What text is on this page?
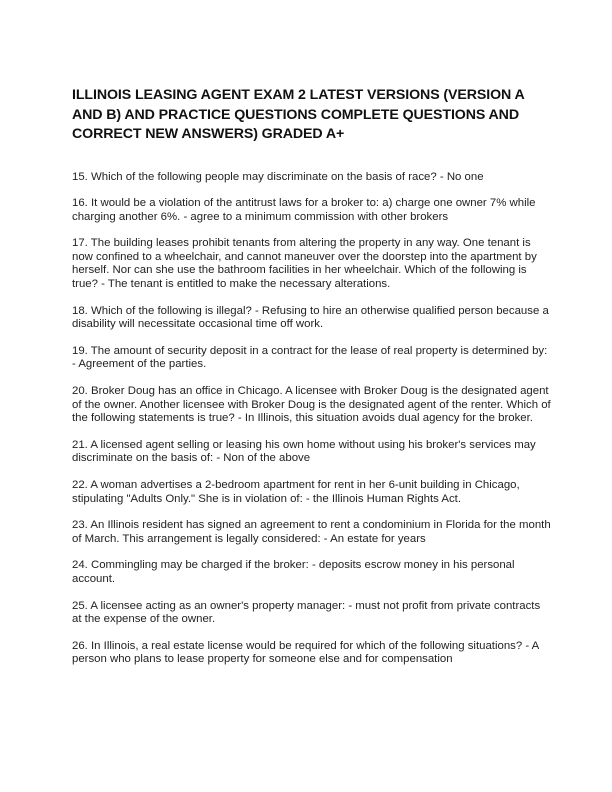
ILLINOIS LEASING AGENT EXAM 2 LATEST VERSIONS (VERSION A AND B) AND PRACTICE QUESTIONS COMPLETE QUESTIONS AND CORRECT NEW ANSWERS) GRADED A+

15. Which of the following people may discriminate on the basis of race? - No one

16. It would be a violation of the antitrust laws for a broker to: a) charge one owner 7% while charging another 6%. - agree to a minimum commission with other brokers

17. The building leases prohibit tenants from altering the property in any way. One tenant is now confined to a wheelchair, and cannot maneuver over the doorstep into the apartment by herself. Nor can she use the bathroom facilities in her wheelchair. Which of the following is true? - The tenant is entitled to make the necessary alterations.

18. Which of the following is illegal? - Refusing to hire an otherwise qualified person because a disability will necessitate occasional time off work.

19. The amount of security deposit in a contract for the lease of real property is determined by: - Agreement of the parties.

20. Broker Doug has an office in Chicago. A licensee with Broker Doug is the designated agent of the owner. Another licensee with Broker Doug is the designated agent of the renter. Which of the following statements is true? - In Illinois, this situation avoids dual agency for the broker.

21. A licensed agent selling or leasing his own home without using his broker's services may discriminate on the basis of: - Non of the above

22. A woman advertises a 2-bedroom apartment for rent in her 6-unit building in Chicago, stipulating "Adults Only." She is in violation of: - the Illinois Human Rights Act.

23. An Illinois resident has signed an agreement to rent a condominium in Florida for the month of March. This arrangement is legally considered: - An estate for years

24. Commingling may be charged if the broker: - deposits escrow money in his personal account.

25. A licensee acting as an owner's property manager: - must not profit from private contracts at the expense of the owner.

26. In Illinois, a real estate license would be required for which of the following situations? - A person who plans to lease property for someone else and for compensation
